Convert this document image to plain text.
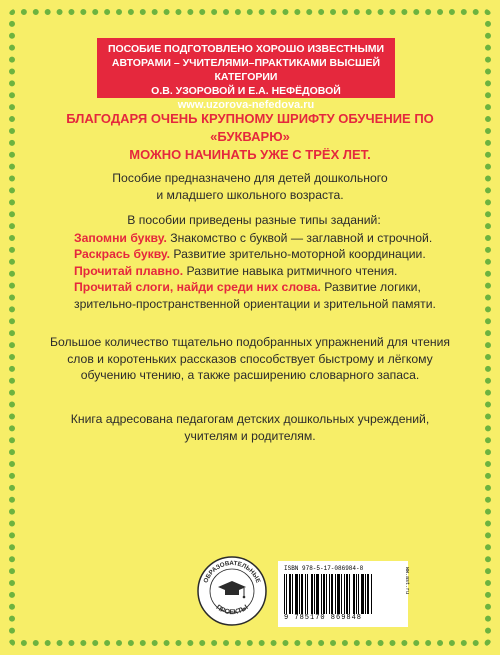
ПОСОБИЕ ПОДГОТОВЛЕНО ХОРОШО ИЗВЕСТНЫМИ
АВТОРАМИ – УЧИТЕЛЯМИ–ПРАКТИКАМИ ВЫСШЕЙ КАТЕГОРИИ
О.В. УЗОРОВОЙ И Е.А. НЕФЁДОВОЙ
www.uzorova-nefedova.ru
БЛАГОДАРЯ ОЧЕНЬ КРУПНОМУ ШРИФТУ ОБУЧЕНИЕ ПО «БУКВАРЮ»
МОЖНО НАЧИНАТЬ УЖЕ С ТРЁХ ЛЕТ.
Пособие предназначено для детей дошкольного
и младшего школьного возраста.
В пособии приведены разные типы заданий:
Запомни букву. Знакомство с буквой — заглавной и строчной.
Раскрась букву. Развитие зрительно-моторной координации.
Прочитай плавно. Развитие навыка ритмичного чтения.
Прочитай слоги, найди среди них слова. Развитие логики, зрительно-пространственной ориентации и зрительной памяти.
Большое количество тщательно подобранных упражнений для чтения
слов и коротеньких рассказов способствует быстрому и лёгкому
обучению чтению, а также расширению словарного запаса.
Книга адресована педагогам детских дошкольных учреждений,
учителям и родителям.
ОБРАЗОВАТЕЛЬНЫЕ
ПРОЕКТЫ
ISBN 978-5-17-086984-8
9 785170 869848
ww.ast.ru
